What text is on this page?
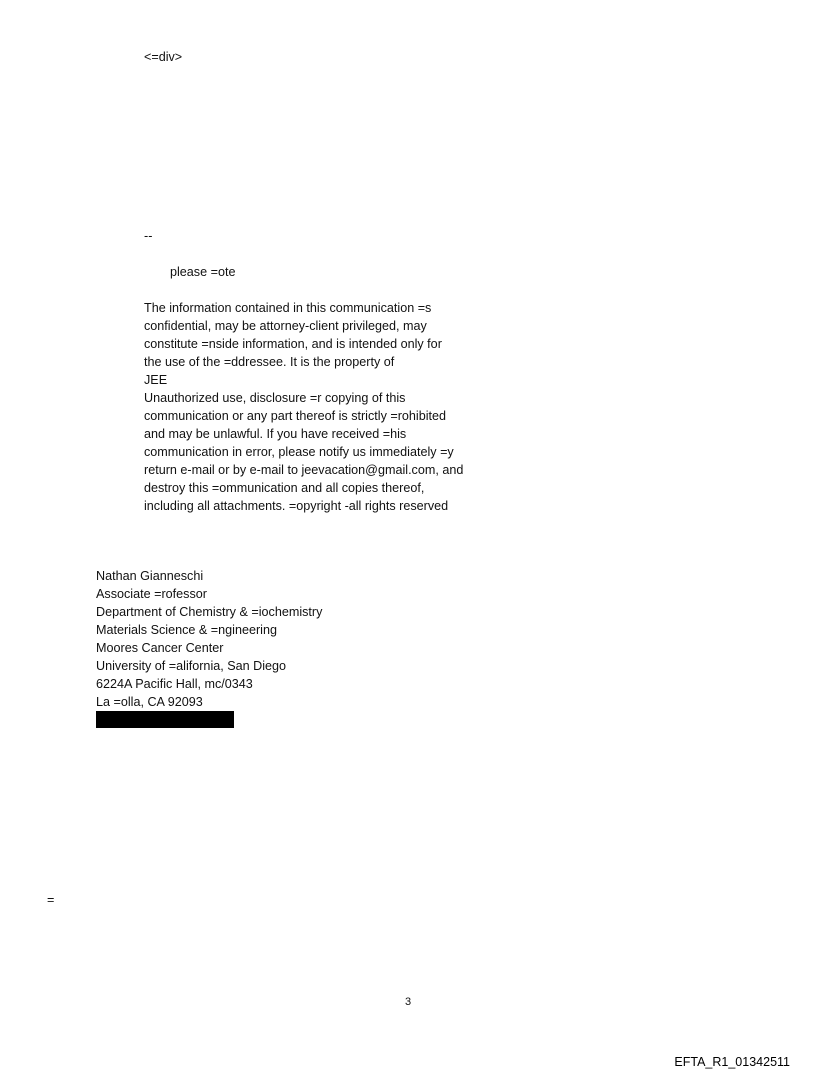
<=div>
--
please =ote
The information contained in this communication =s
confidential, may be attorney-client privileged, may
constitute =nside information, and is intended only for
the use of the =ddressee. It is the property of
JEE
Unauthorized use, disclosure =r copying of this
communication or any part thereof is strictly =rohibited
and may be unlawful. If you have received =his
communication in error, please notify us immediately =y
return e-mail or by e-mail to jeevacation@gmail.com, and
destroy this =ommunication and all copies thereof,
including all attachments. =opyright -all rights reserved
Nathan Gianneschi
Associate =rofessor
Department of Chemistry & =iochemistry
Materials Science & =ngineering
Moores Cancer Center
University of =alifornia, San Diego
6224A Pacific Hall, mc/0343
La =olla, CA 92093
=
3
EFTA_R1_01342511
